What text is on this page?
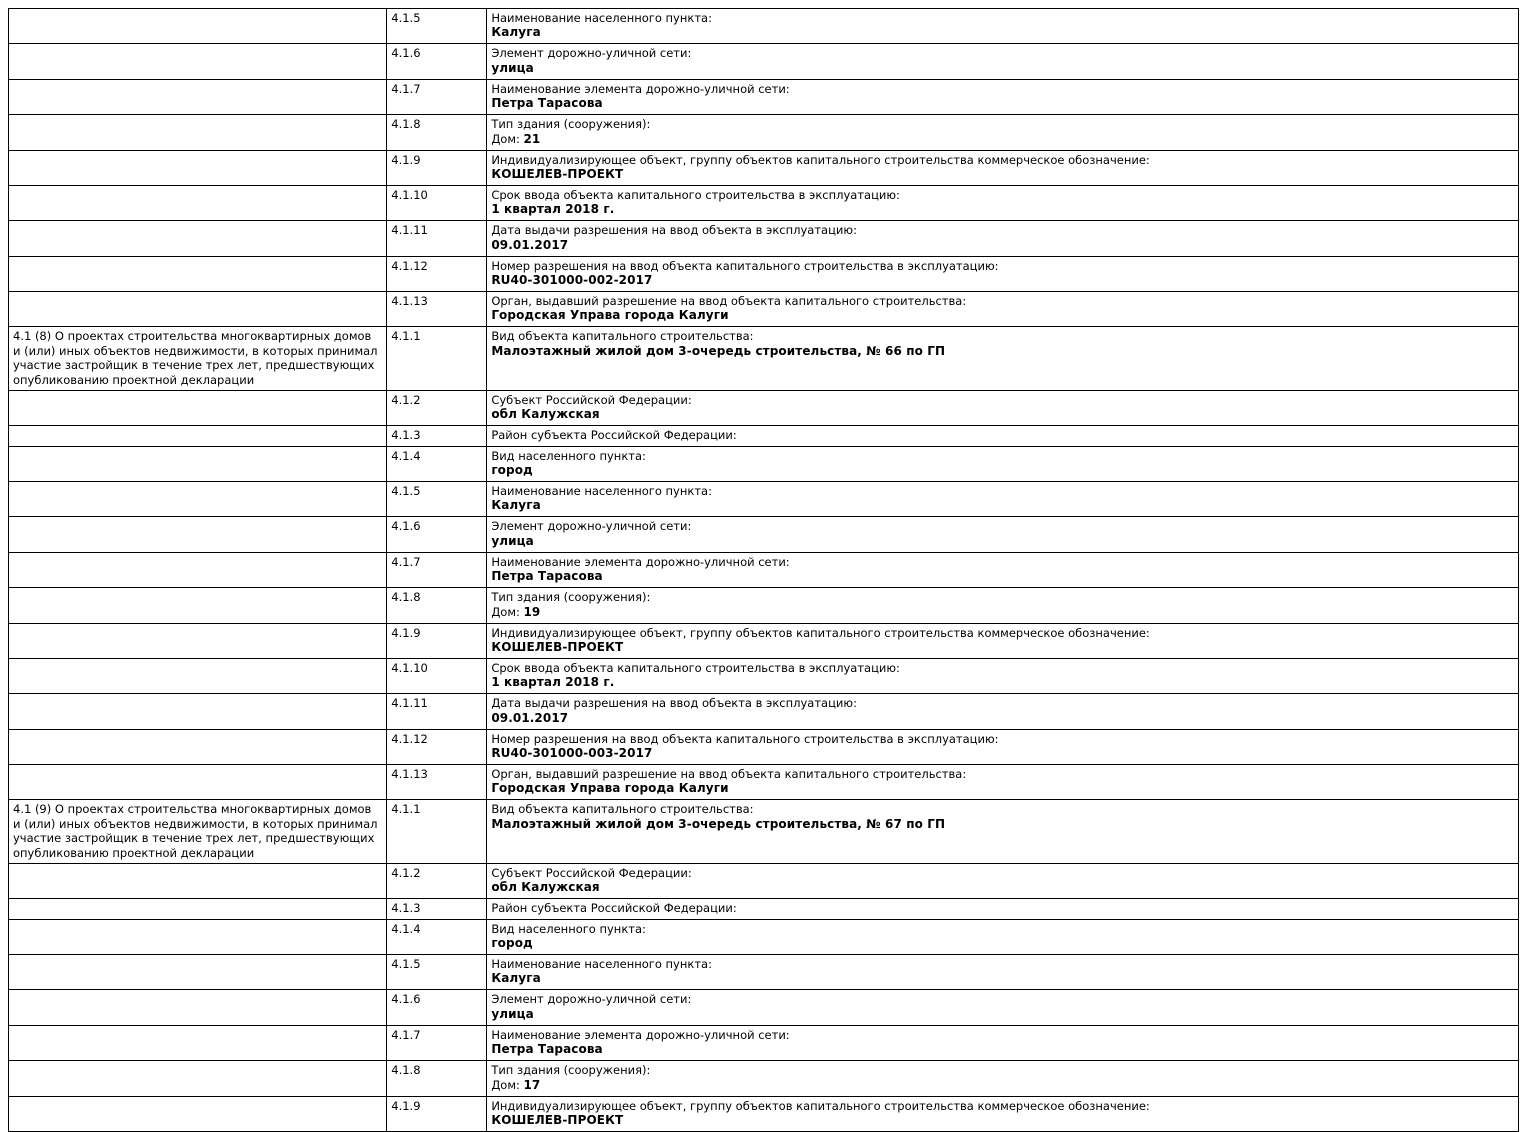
	4.1.5	Наименование населенного пункта:
Калуга

	4.1.6	Элемент дорожно-уличной сети:
улица

	4.1.7	Наименование элемента дорожно-уличной сети:
Петра Тарасова

	4.1.8	Тип здания (сооружения):
Дом: 21

	4.1.9	Индивидуализирующее объект, группу объектов капитального строительства коммерческое обозначение:
КОШЕЛЕВ-ПРОЕКТ

	4.1.10	Срок ввода объекта капитального строительства в эксплуатацию:
1 квартал 2018 г.

	4.1.11	Дата выдачи разрешения на ввод объекта в эксплуатацию:
09.01.2017

	4.1.12	Номер разрешения на ввод объекта капитального строительства в эксплуатацию:
RU40-301000-002-2017

	4.1.13	Орган, выдавший разрешение на ввод объекта капитального строительства:
Городская Управа города Калуги

4.1 (8) О проектах строительства многоквартирных домов и (или) иных объектов недвижимости, в которых принимал участие застройщик в течение трех лет, предшествующих опубликованию проектной декларации	4.1.1	Вид объекта капитального строительства:
Малоэтажный жилой дом 3-очередь строительства, № 66 по ГП

	4.1.2	Субъект Российской Федерации:
обл Калужская

	4.1.3	Район субъекта Российской Федерации:

	4.1.4	Вид населенного пункта:
город

	4.1.5	Наименование населенного пункта:
Калуга

	4.1.6	Элемент дорожно-уличной сети:
улица

	4.1.7	Наименование элемента дорожно-уличной сети:
Петра Тарасова

	4.1.8	Тип здания (сооружения):
Дом: 19

	4.1.9	Индивидуализирующее объект, группу объектов капитального строительства коммерческое обозначение:
КОШЕЛЕВ-ПРОЕКТ

	4.1.10	Срок ввода объекта капитального строительства в эксплуатацию:
1 квартал 2018 г.

	4.1.11	Дата выдачи разрешения на ввод объекта в эксплуатацию:
09.01.2017

	4.1.12	Номер разрешения на ввод объекта капитального строительства в эксплуатацию:
RU40-301000-003-2017

	4.1.13	Орган, выдавший разрешение на ввод объекта капитального строительства:
Городская Управа города Калуги

4.1 (9) О проектах строительства многоквартирных домов и (или) иных объектов недвижимости, в которых принимал участие застройщик в течение трех лет, предшествующих опубликованию проектной декларации	4.1.1	Вид объекта капитального строительства:
Малоэтажный жилой дом 3-очередь строительства, № 67 по ГП

	4.1.2	Субъект Российской Федерации:
обл Калужская

	4.1.3	Район субъекта Российской Федерации:

	4.1.4	Вид населенного пункта:
город

	4.1.5	Наименование населенного пункта:
Калуга

	4.1.6	Элемент дорожно-уличной сети:
улица

	4.1.7	Наименование элемента дорожно-уличной сети:
Петра Тарасова

	4.1.8	Тип здания (сооружения):
Дом: 17

	4.1.9	Индивидуализирующее объект, группу объектов капитального строительства коммерческое обозначение:
КОШЕЛЕВ-ПРОЕКТ
